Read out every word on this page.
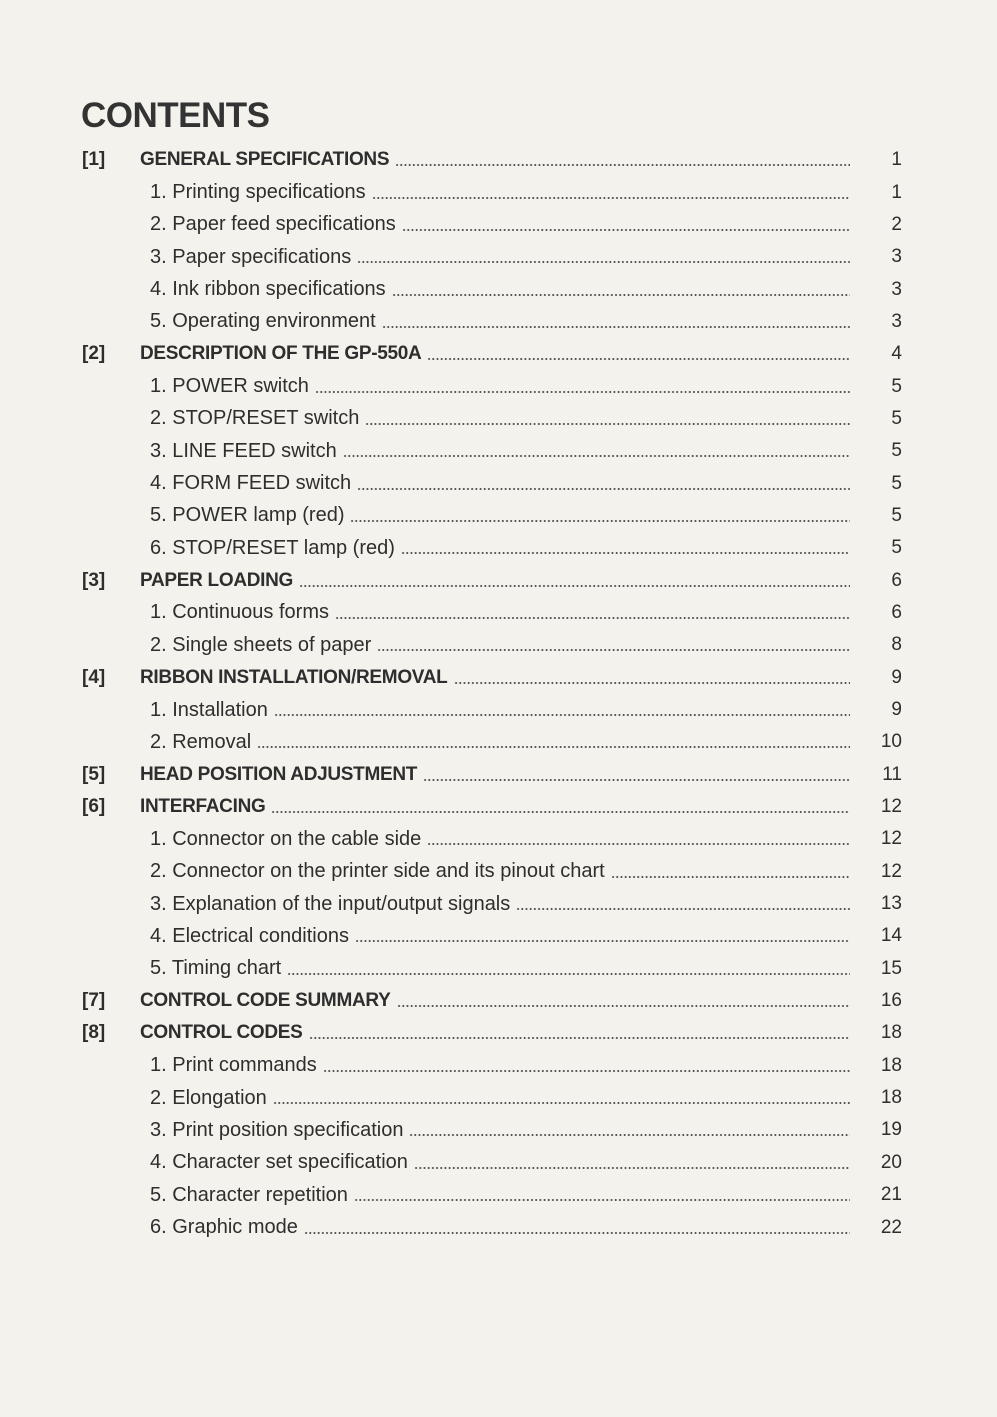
CONTENTS
[1]	GENERAL SPECIFICATIONS	1
1. Printing specifications	1
2. Paper feed specifications	2
3. Paper specifications	3
4. Ink ribbon specifications	3
5. Operating environment	3
[2]	DESCRIPTION OF THE GP-550A	4
1. POWER switch	5
2. STOP/RESET switch	5
3. LINE FEED switch	5
4. FORM FEED switch	5
5. POWER lamp (red)	5
6. STOP/RESET lamp (red)	5
[3]	PAPER LOADING	6
1. Continuous forms	6
2. Single sheets of paper	8
[4]	RIBBON INSTALLATION/REMOVAL	9
1. Installation	9
2. Removal	10
[5]	HEAD POSITION ADJUSTMENT	11
[6]	INTERFACING	12
1. Connector on the cable side	12
2. Connector on the printer side and its pinout chart	12
3. Explanation of the input/output signals	13
4. Electrical conditions	14
5. Timing chart	15
[7]	CONTROL CODE SUMMARY	16
[8]	CONTROL CODES	18
1. Print commands	18
2. Elongation	18
3. Print position specification	19
4. Character set specification	20
5. Character repetition	21
6. Graphic mode	22
